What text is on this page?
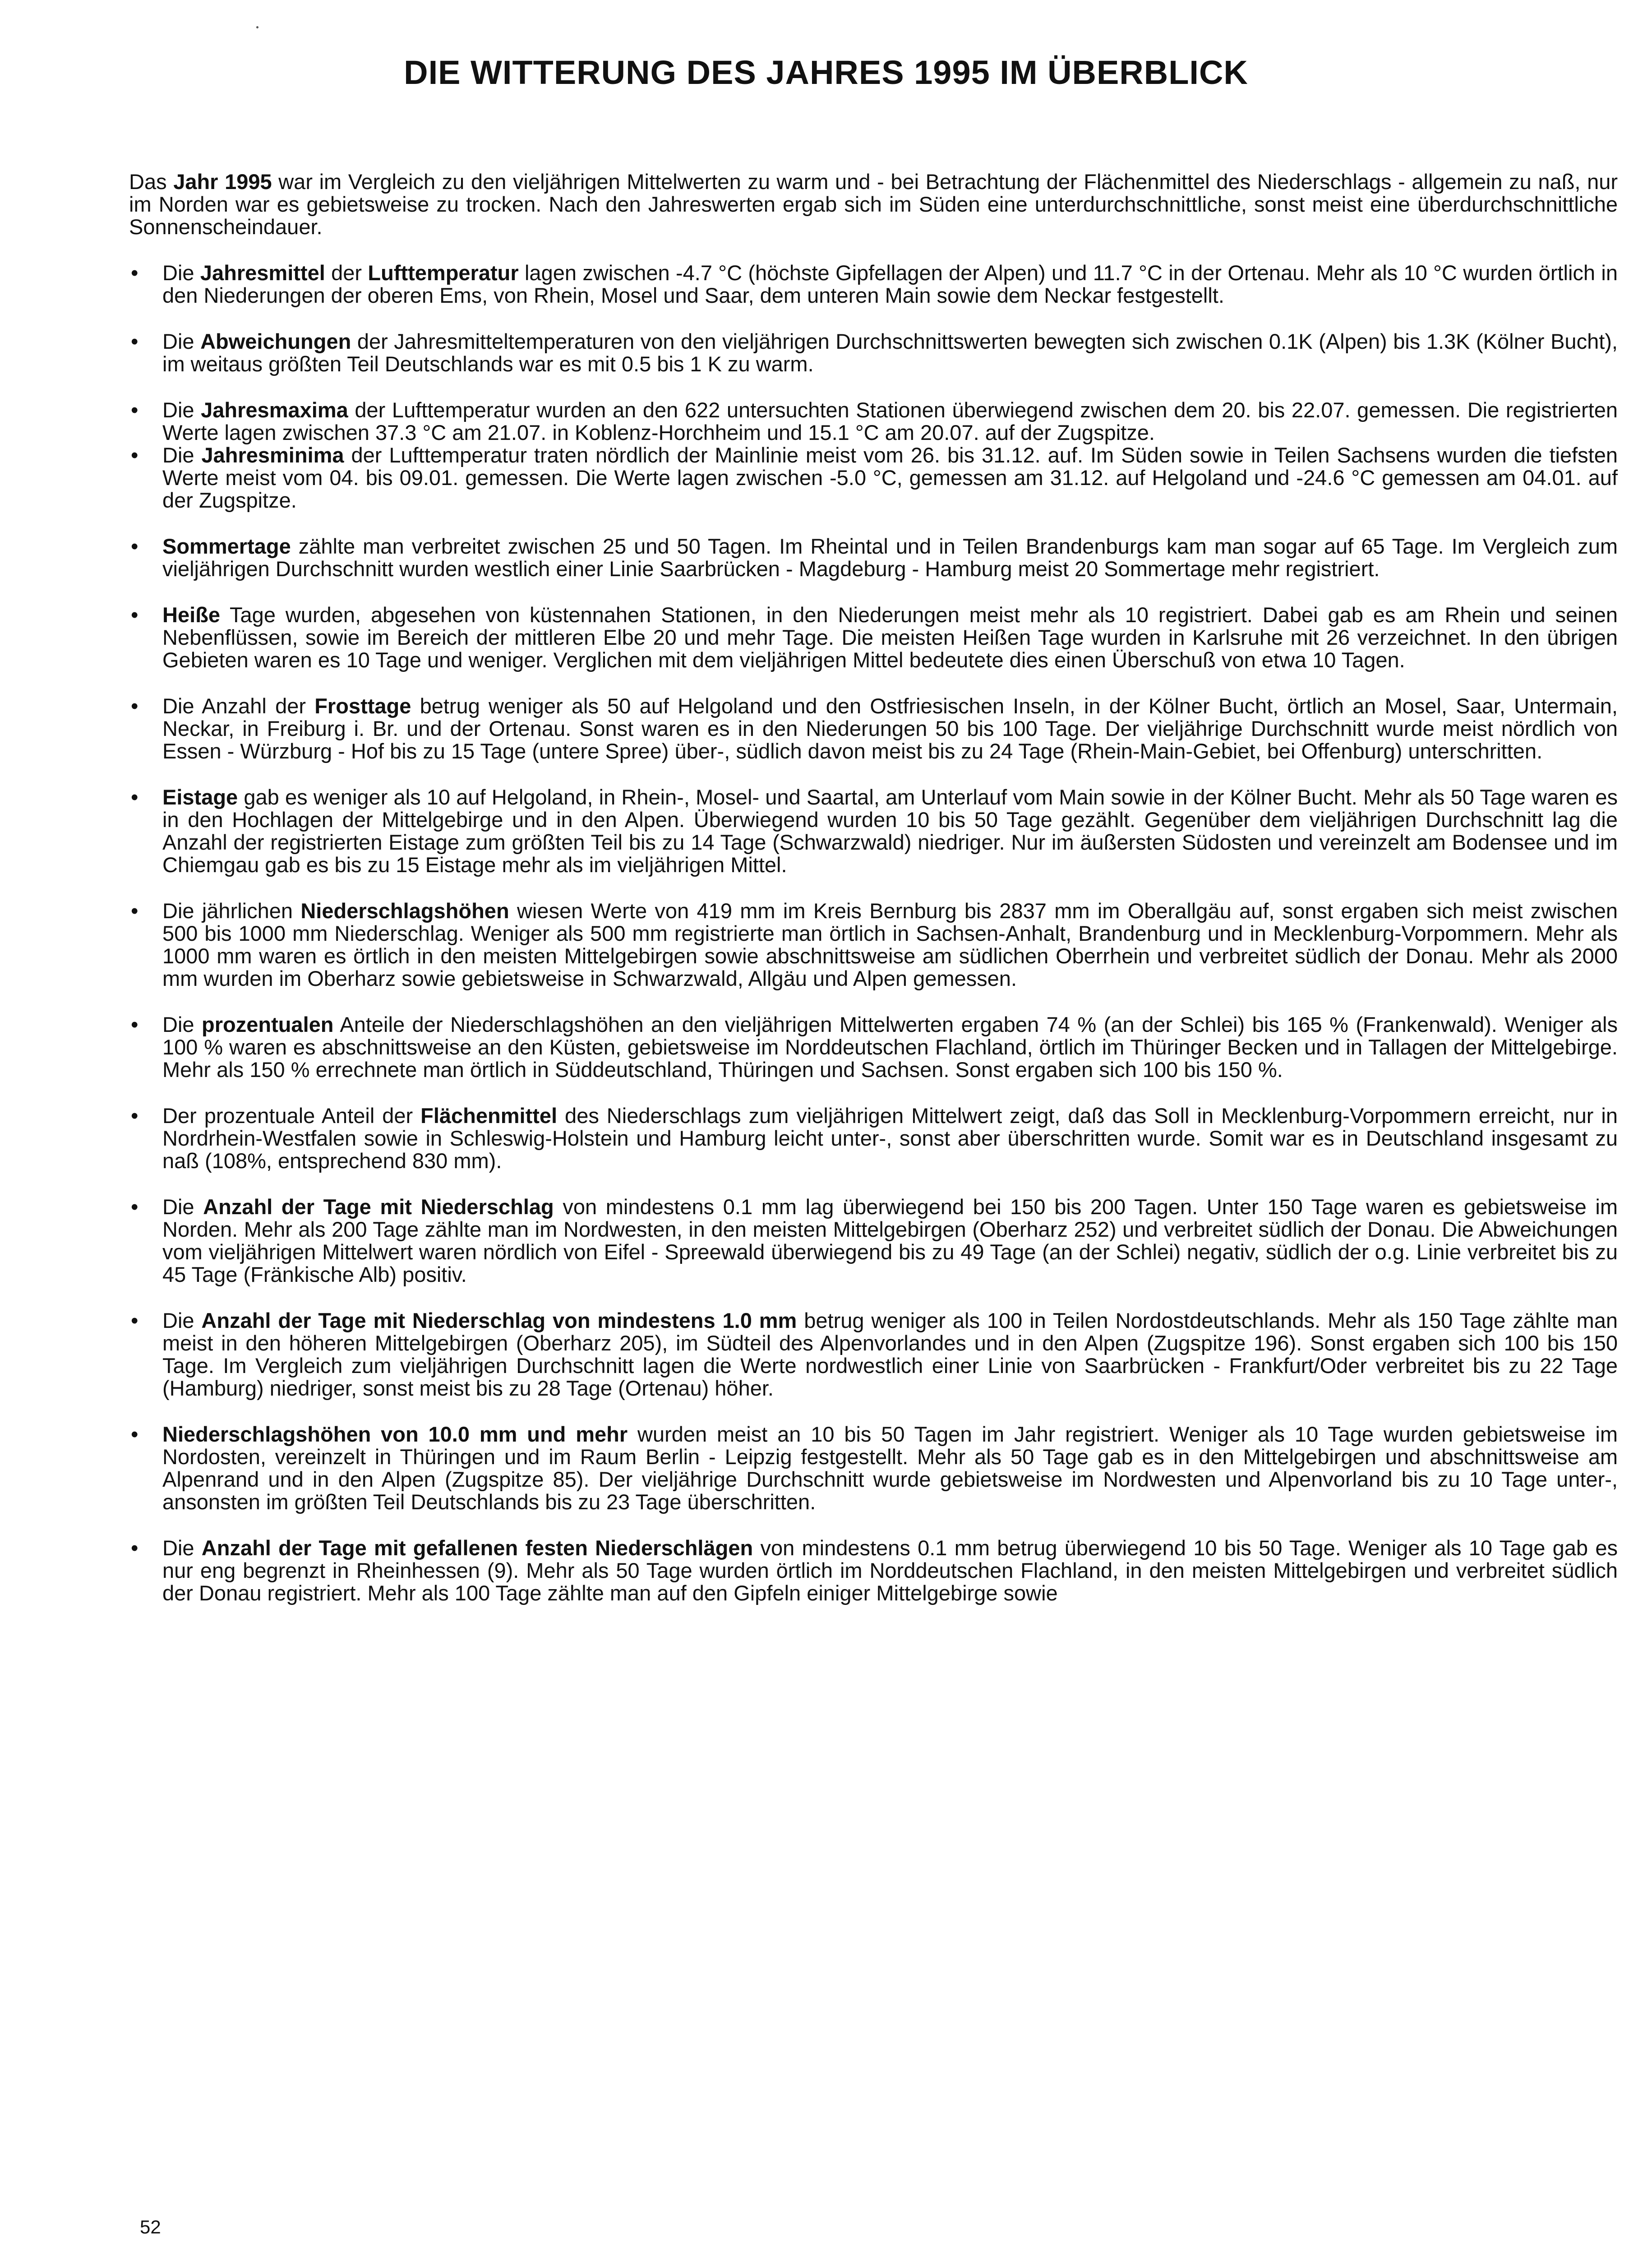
DIE WITTERUNG DES JAHRES 1995 IM ÜBERBLICK

Das Jahr 1995 war im Vergleich zu den vieljährigen Mittelwerten zu warm und - bei Betrachtung der Flächenmittel des Niederschlags - allgemein zu naß, nur im Norden war es gebietsweise zu trocken. Nach den Jahreswerten ergab sich im Süden eine unterdurchschnittliche, sonst meist eine überdurchschnittliche Sonnenscheindauer.

• Die Jahresmittel der Lufttemperatur lagen zwischen -4.7 °C (höchste Gipfellagen der Alpen) und 11.7 °C in der Ortenau. Mehr als 10 °C wurden örtlich in den Niederungen der oberen Ems, von Rhein, Mosel und Saar, dem unteren Main sowie dem Neckar festgestellt.
• Die Abweichungen der Jahresmitteltemperaturen von den vieljährigen Durchschnittswerten bewegten sich zwischen 0.1K (Alpen) bis 1.3K (Kölner Bucht), im weitaus größten Teil Deutschlands war es mit 0.5 bis 1 K zu warm.
• Die Jahresmaxima der Lufttemperatur wurden an den 622 untersuchten Stationen überwiegend zwischen dem 20. bis 22.07. gemessen. Die registrierten Werte lagen zwischen 37.3 °C am 21.07. in Koblenz-Horchheim und 15.1 °C am 20.07. auf der Zugspitze.
• Die Jahresminima der Lufttemperatur traten nördlich der Mainlinie meist vom 26. bis 31.12. auf. Im Süden sowie in Teilen Sachsens wurden die tiefsten Werte meist vom 04. bis 09.01. gemessen. Die Werte lagen zwischen -5.0 °C, gemessen am 31.12. auf Helgoland und -24.6 °C gemessen am 04.01. auf der Zugspitze.
• Sommertage zählte man verbreitet zwischen 25 und 50 Tagen. Im Rheintal und in Teilen Brandenburgs kam man sogar auf 65 Tage. Im Vergleich zum vieljährigen Durchschnitt wurden westlich einer Linie Saarbrücken - Magdeburg - Hamburg meist 20 Sommertage mehr registriert.
• Heiße Tage wurden, abgesehen von küstennahen Stationen, in den Niederungen meist mehr als 10 registriert. Dabei gab es am Rhein und seinen Nebenflüssen, sowie im Bereich der mittleren Elbe 20 und mehr Tage. Die meisten Heißen Tage wurden in Karlsruhe mit 26 verzeichnet. In den übrigen Gebieten waren es 10 Tage und weniger. Verglichen mit dem vieljährigen Mittel bedeutete dies einen Überschuß von etwa 10 Tagen.
• Die Anzahl der Frosttage betrug weniger als 50 auf Helgoland und den Ostfriesischen Inseln, in der Kölner Bucht, örtlich an Mosel, Saar, Untermain, Neckar, in Freiburg i. Br. und der Ortenau. Sonst waren es in den Niederungen 50 bis 100 Tage. Der vieljährige Durchschnitt wurde meist nördlich von Essen - Würzburg - Hof bis zu 15 Tage (untere Spree) über-, südlich davon meist bis zu 24 Tage (Rhein-Main-Gebiet, bei Offenburg) unterschritten.
• Eistage gab es weniger als 10 auf Helgoland, in Rhein-, Mosel- und Saartal, am Unterlauf vom Main sowie in der Kölner Bucht. Mehr als 50 Tage waren es in den Hochlagen der Mittelgebirge und in den Alpen. Überwiegend wurden 10 bis 50 Tage gezählt. Gegenüber dem vieljährigen Durchschnitt lag die Anzahl der registrierten Eistage zum größten Teil bis zu 14 Tage (Schwarzwald) niedriger. Nur im äußersten Südosten und vereinzelt am Bodensee und im Chiemgau gab es bis zu 15 Eistage mehr als im vieljährigen Mittel.
• Die jährlichen Niederschlagshöhen wiesen Werte von 419 mm im Kreis Bernburg bis 2837 mm im Oberallgäu auf, sonst ergaben sich meist zwischen 500 bis 1000 mm Niederschlag. Weniger als 500 mm registrierte man örtlich in Sachsen-Anhalt, Brandenburg und in Mecklenburg-Vorpommern. Mehr als 1000 mm waren es örtlich in den meisten Mittelgebirgen sowie abschnittsweise am südlichen Oberrhein und verbreitet südlich der Donau. Mehr als 2000 mm wurden im Oberharz sowie gebietsweise in Schwarzwald, Allgäu und Alpen gemessen.
• Die prozentualen Anteile der Niederschlagshöhen an den vieljährigen Mittelwerten ergaben 74 % (an der Schlei) bis 165 % (Frankenwald). Weniger als 100 % waren es abschnittsweise an den Küsten, gebietsweise im Norddeutschen Flachland, örtlich im Thüringer Becken und in Tallagen der Mittelgebirge. Mehr als 150 % errechnete man örtlich in Süddeutschland, Thüringen und Sachsen. Sonst ergaben sich 100 bis 150 %.
• Der prozentuale Anteil der Flächenmittel des Niederschlags zum vieljährigen Mittelwert zeigt, daß das Soll in Mecklenburg-Vorpommern erreicht, nur in Nordrhein-Westfalen sowie in Schleswig-Holstein und Hamburg leicht unter-, sonst aber überschritten wurde. Somit war es in Deutschland insgesamt zu naß (108%, entsprechend 830 mm).
• Die Anzahl der Tage mit Niederschlag von mindestens 0.1 mm lag überwiegend bei 150 bis 200 Tagen. Unter 150 Tage waren es gebietsweise im Norden. Mehr als 200 Tage zählte man im Nordwesten, in den meisten Mittelgebirgen (Oberharz 252) und verbreitet südlich der Donau. Die Abweichungen vom vieljährigen Mittelwert waren nördlich von Eifel - Spreewald überwiegend bis zu 49 Tage (an der Schlei) negativ, südlich der o.g. Linie verbreitet bis zu 45 Tage (Fränkische Alb) positiv.
• Die Anzahl der Tage mit Niederschlag von mindestens 1.0 mm betrug weniger als 100 in Teilen Nordostdeutschlands. Mehr als 150 Tage zählte man meist in den höheren Mittelgebirgen (Oberharz 205), im Südteil des Alpenvorlandes und in den Alpen (Zugspitze 196). Sonst ergaben sich 100 bis 150 Tage. Im Vergleich zum vieljährigen Durchschnitt lagen die Werte nordwestlich einer Linie von Saarbrücken - Frankfurt/Oder verbreitet bis zu 22 Tage (Hamburg) niedriger, sonst meist bis zu 28 Tage (Ortenau) höher.
• Niederschlagshöhen von 10.0 mm und mehr wurden meist an 10 bis 50 Tagen im Jahr registriert. Weniger als 10 Tage wurden gebietsweise im Nordosten, vereinzelt in Thüringen und im Raum Berlin - Leipzig festgestellt. Mehr als 50 Tage gab es in den Mittelgebirgen und abschnittsweise am Alpenrand und in den Alpen (Zugspitze 85). Der vieljährige Durchschnitt wurde gebietsweise im Nordwesten und Alpenvorland bis zu 10 Tage unter-, ansonsten im größten Teil Deutschlands bis zu 23 Tage überschritten.
• Die Anzahl der Tage mit gefallenen festen Niederschlägen von mindestens 0.1 mm betrug überwiegend 10 bis 50 Tage. Weniger als 10 Tage gab es nur eng begrenzt in Rheinhessen (9). Mehr als 50 Tage wurden örtlich im Norddeutschen Flachland, in den meisten Mittelgebirgen und verbreitet südlich der Donau registriert. Mehr als 100 Tage zählte man auf den Gipfeln einiger Mittelgebirge sowie
52
